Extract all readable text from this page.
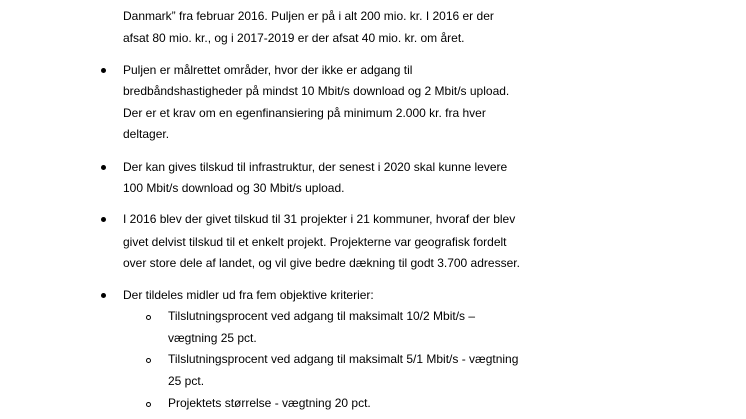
Danmark” fra februar 2016. Puljen er på i alt 200 mio. kr. I 2016 er der
afsat 80 mio. kr., og i 2017-2019 er der afsat 40 mio. kr. om året.
Puljen er målrettet områder, hvor der ikke er adgang til
bredbåndshastigheder på mindst 10 Mbit/s download og 2 Mbit/s upload.
Der er et krav om en egenfinansiering på minimum 2.000 kr. fra hver
deltager.
Der kan gives tilskud til infrastruktur, der senest i 2020 skal kunne levere
100 Mbit/s download og 30 Mbit/s upload.
I 2016 blev der givet tilskud til 31 projekter i 21 kommuner, hvoraf der blev
givet delvist tilskud til et enkelt projekt. Projekterne var geografisk fordelt
over store dele af landet, og vil give bedre dækning til godt 3.700 adresser.
Der tildeles midler ud fra fem objektive kriterier:
Tilslutningsprocent ved adgang til maksimalt 10/2 Mbit/s –
vægtning 25 pct.
Tilslutningsprocent ved adgang til maksimalt 5/1 Mbit/s - vægtning
25 pct.
Projektets størrelse - vægtning 20 pct.
